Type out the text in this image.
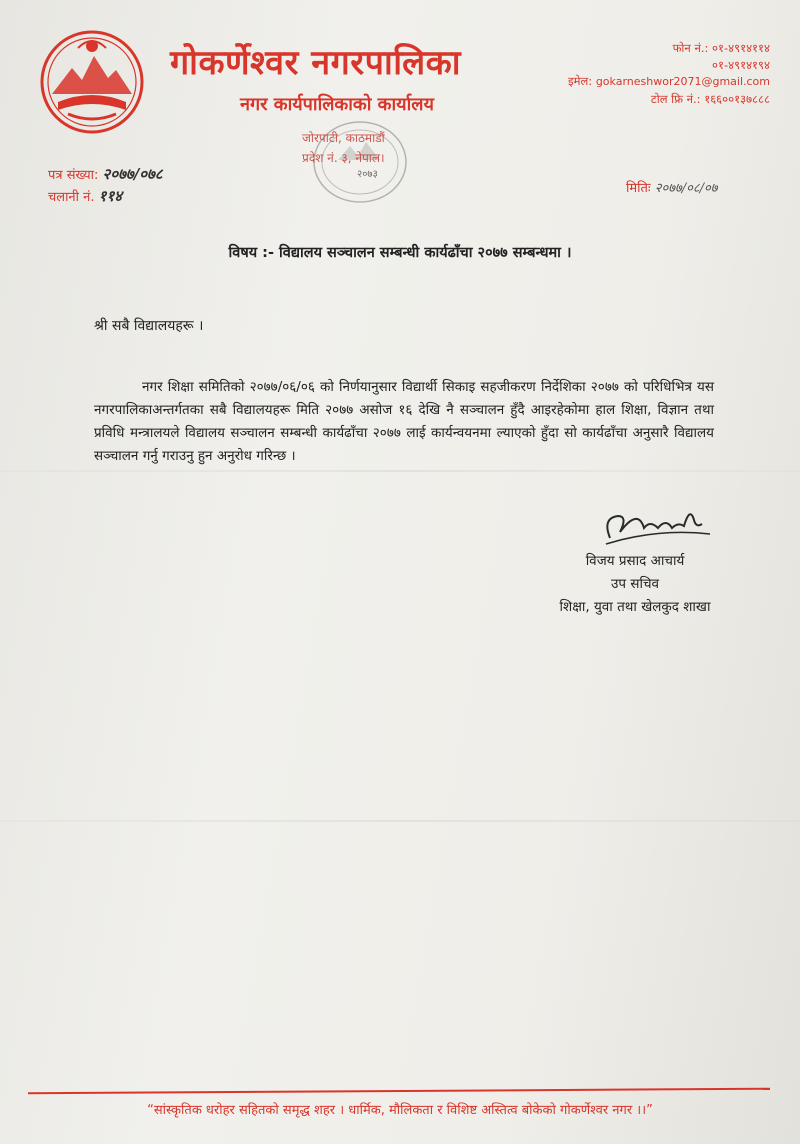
गोकर्णेश्वर नगरपालिका
नगर कार्यपालिकाको कार्यालय
फोन नं.: ०१-४९१४११४
०१-४९१४१९४
इमेल: gokarneshwor2071@gmail.com
टोल फ्रि नं.: १६६००१३७८८८
जोरपाटी, काठमाडौं
प्रदेश नं. ३, नेपाल।
२०७३
पत्र संख्या: २०७७/०७८
चलानी नं. ११४	मितिः २०७७/०८/०७
विषय :- विद्यालय सञ्चालन सम्बन्धी कार्यढाँचा २०७७ सम्बन्धमा ।
श्री सबै विद्यालयहरू ।
नगर शिक्षा समितिको २०७७/०६/०६ को निर्णयानुसार विद्यार्थी सिकाइ सहजीकरण निर्देशिका २०७७ को परिधिभित्र यस नगरपालिकाअन्तर्गतका सबै विद्यालयहरू मिति २०७७ असोज १६ देखि नै सञ्चालन हुँदै आइरहेकोमा हाल शिक्षा, विज्ञान तथा प्रविधि मन्त्रालयले विद्यालय सञ्चालन सम्बन्धी कार्यढाँचा २०७७ लाई कार्यन्वयनमा ल्याएको हुँदा सो कार्यढाँचा अनुसारै विद्यालय सञ्चालन गर्नु गराउनु हुन अनुरोध गरिन्छ ।
विजय प्रसाद आचार्य
उप सचिव
शिक्षा, युवा तथा खेलकुद शाखा
“सांस्कृतिक धरोहर सहितको समृद्ध शहर । धार्मिक, मौलिकता र विशिष्ट अस्तित्व बोकेको गोकर्णेश्वर नगर ।।”
